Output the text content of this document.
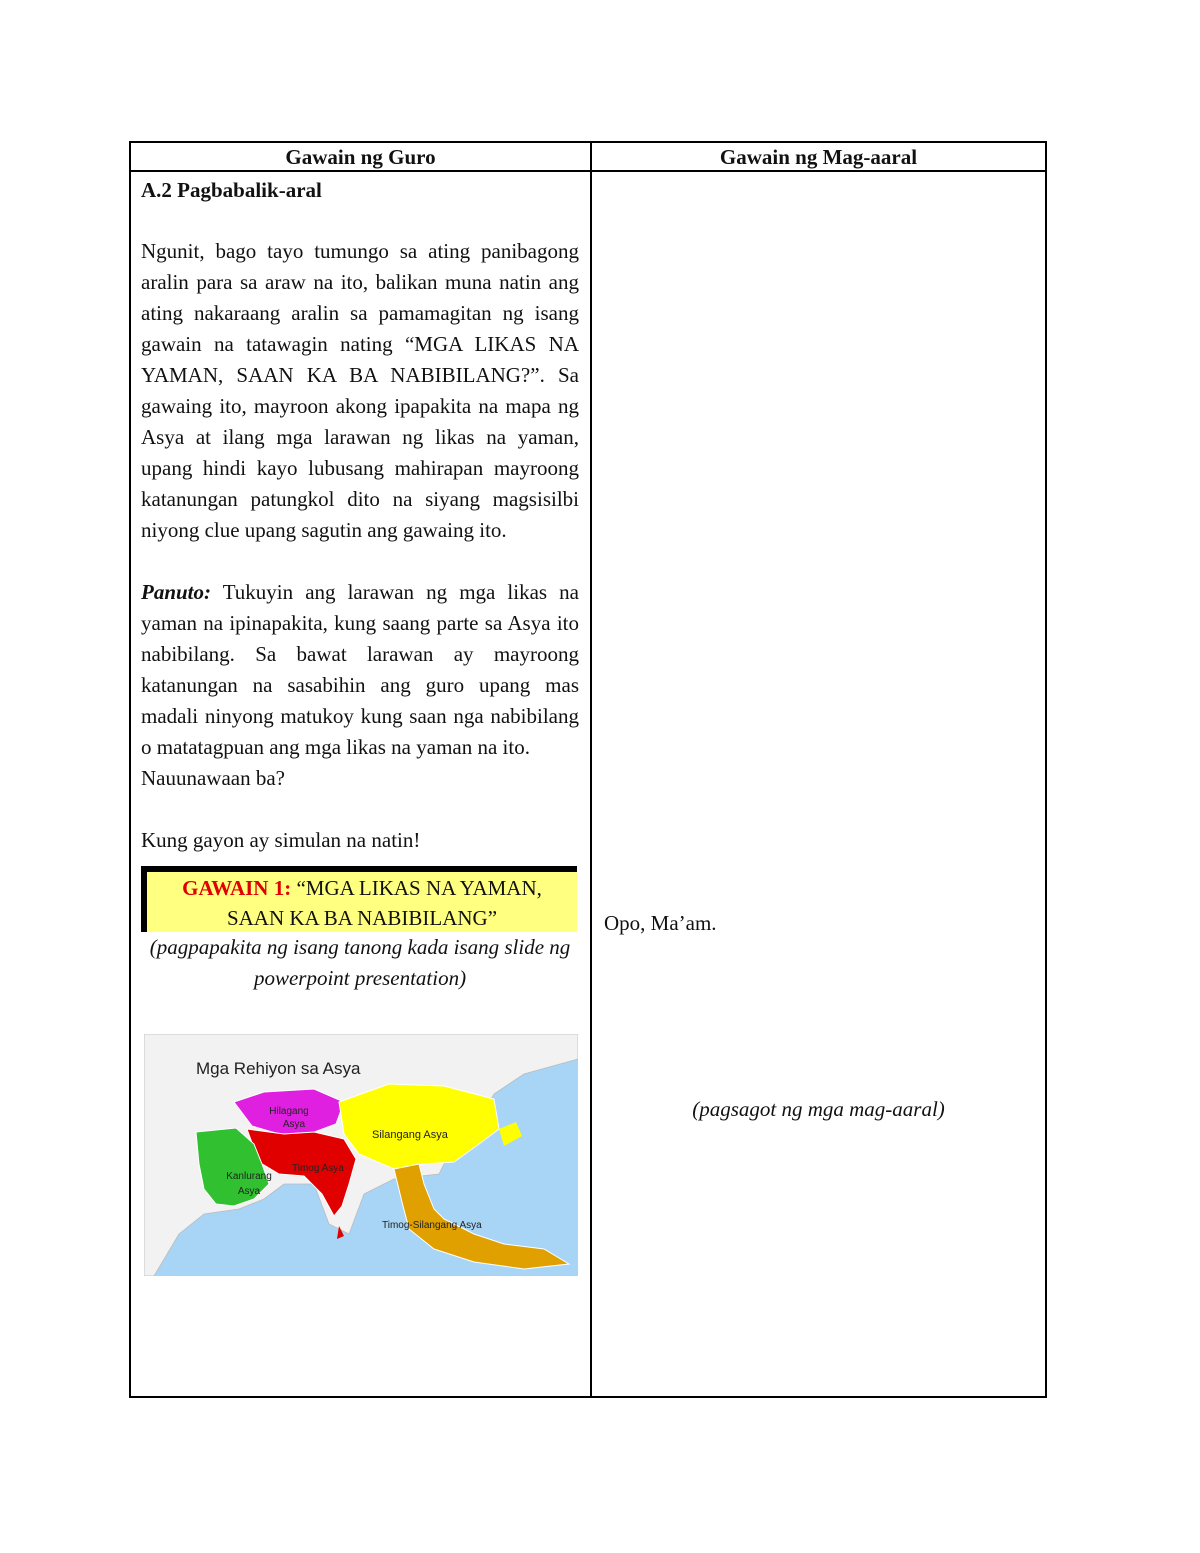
Gawain ng Guro	Gawain ng Mag-aaral

A.2 Pagbabalik-aral

Ngunit, bago tayo tumungo sa ating panibagong aralin para sa araw na ito, balikan muna natin ang ating nakaraang aralin sa pamamagitan ng isang gawain na tatawagin nating “MGA LIKAS NA YAMAN, SAAN KA BA NABIBILANG?”. Sa gawaing ito, mayroon akong ipapakita na mapa ng Asya at ilang mga larawan ng likas na yaman, upang hindi kayo lubusang mahirapan mayroong katanungan patungkol dito na siyang magsisilbi niyong clue upang sagutin ang gawaing ito.

Panuto: Tukuyin ang larawan ng mga likas na yaman na ipinapakita, kung saang parte sa Asya ito nabibilang. Sa bawat larawan ay mayroong katanungan na sasabihin ang guro upang mas madali ninyong matukoy kung saan nga nabibilang o matatagpuan ang mga likas na yaman na ito.

Nauunawaan ba?

Kung gayon ay simulan na natin!

GAWAIN 1: “MGA LIKAS NA YAMAN,
SAAN KA BA NABIBILANG”

(pagpapakita ng isang tanong kada isang slide ng powerpoint presentation)

Mga Rehiyon sa Asya
Hilagang
Asya
Silangang Asya
Timog Asya
Kanlurang
Asya
Timog-Silangang Asya
Opo, Ma’am.
(pagsagot ng mga mag-aaral)
